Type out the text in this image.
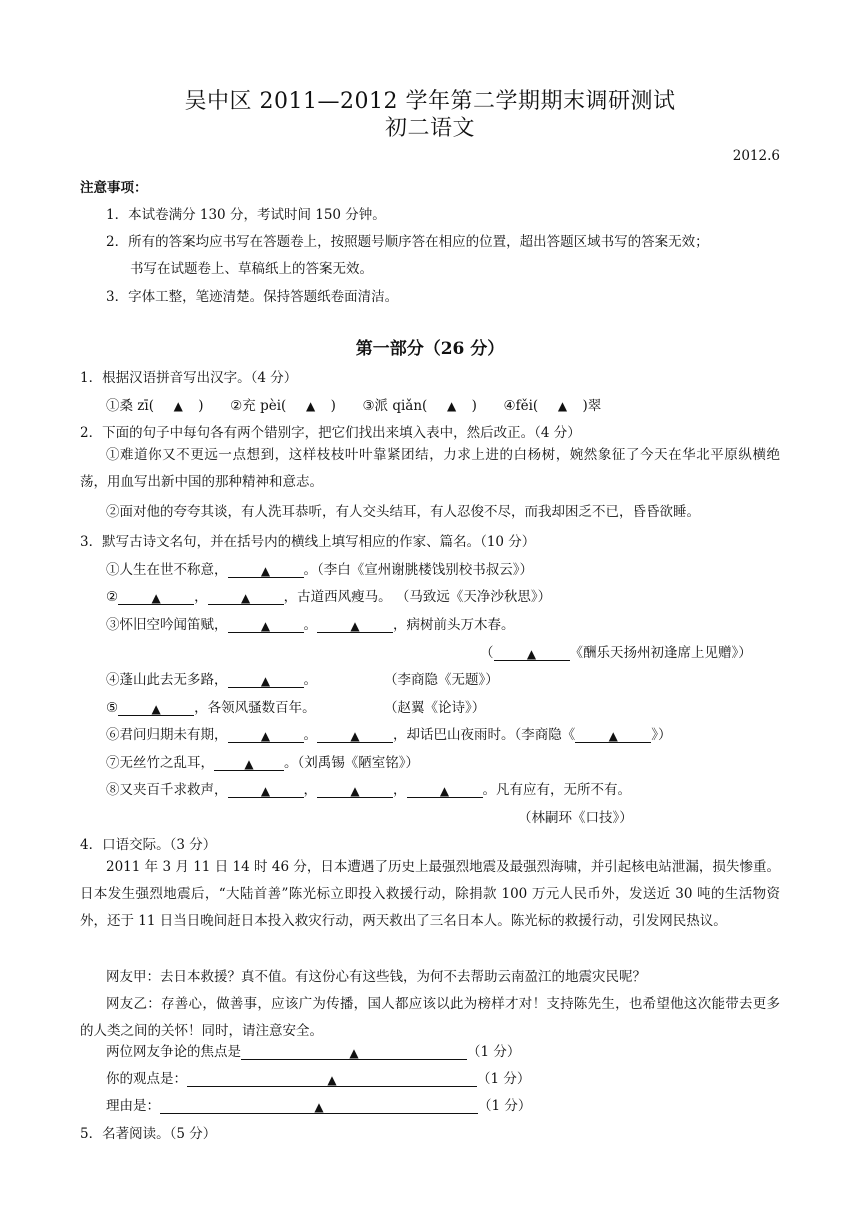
吴中区 2011—2012 学年第二学期期末调研测试
初二语文
2012.6
注意事项：
1．本试卷满分 130 分，考试时间 150 分钟。
2．所有的答案均应书写在答题卷上，按照题号顺序答在相应的位置，超出答题区域书写的答案无效；
书写在试题卷上、草稿纸上的答案无效。
3．字体工整，笔迹清楚。保持答题纸卷面清洁。
第一部分（26 分）
1．根据汉语拼音写出汉字。（4 分）
①桑 zī( ▲ ) ②充 pèi( ▲ ) ③派 qiǎn( ▲ ) ④fěi( ▲ )翠
2．下面的句子中每句各有两个错别字，把它们找出来填入表中，然后改正。（4 分）
①难道你又不更远一点想到，这样枝枝叶叶靠紧团结，力求上进的白杨树，婉然象征了今天在华北平原纵横绝荡，用血写出新中国的那种精神和意志。
②面对他的夸夸其谈，有人洗耳恭听，有人交头结耳，有人忍俊不尽，而我却困乏不已，昏昏欲睡。
3．默写古诗文名句，并在括号内的横线上填写相应的作家、篇名。（10 分）
①人生在世不称意，	▲ 。（李白《宣州谢朓楼饯别校书叔云》）
②	▲ ，	▲ ，古道西风瘦马。 （马致远《天净沙秋思》）
③怀旧空吟闻笛赋，	▲ 。	▲ ，病树前头万木春。
（	▲ 《酬乐天扬州初逢席上见赠》）
④蓬山此去无多路，	▲ 。	（李商隐《无题》）
⑤	▲ ，各领风骚数百年。	（赵翼《论诗》）
⑥君问归期未有期，	▲ 。	▲ ，却话巴山夜雨时。（李商隐《	▲ 》）
⑦无丝竹之乱耳，	▲ 。（刘禹锡《陋室铭》）
⑧又夹百千求救声，	▲ ，	▲ ，	▲ 。凡有应有，无所不有。
（林嗣环《口技》）
4．口语交际。（3 分）
2011 年 3 月 11 日 14 时 46 分，日本遭遇了历史上最强烈地震及最强烈海啸，并引起核电站泄漏，损失惨重。日本发生强烈地震后，“大陆首善”陈光标立即投入救援行动，除捐款 100 万元人民币外，发送近 30 吨的生活物资外，还于 11 日当日晚间赶日本投入救灾行动，两天救出了三名日本人。陈光标的救援行动，引发网民热议。
网友甲：去日本救援？真不值。有这份心有这些钱，为何不去帮助云南盈江的地震灾民呢？
网友乙：存善心，做善事，应该广为传播，国人都应该以此为榜样才对！支持陈先生，也希望他这次能带去更多的人类之间的关怀！同时，请注意安全。
两位网友争论的焦点是	▲	（1 分）
你的观点是：	▲	（1 分）
理由是：	▲	（1 分）
5．名著阅读。（5 分）
